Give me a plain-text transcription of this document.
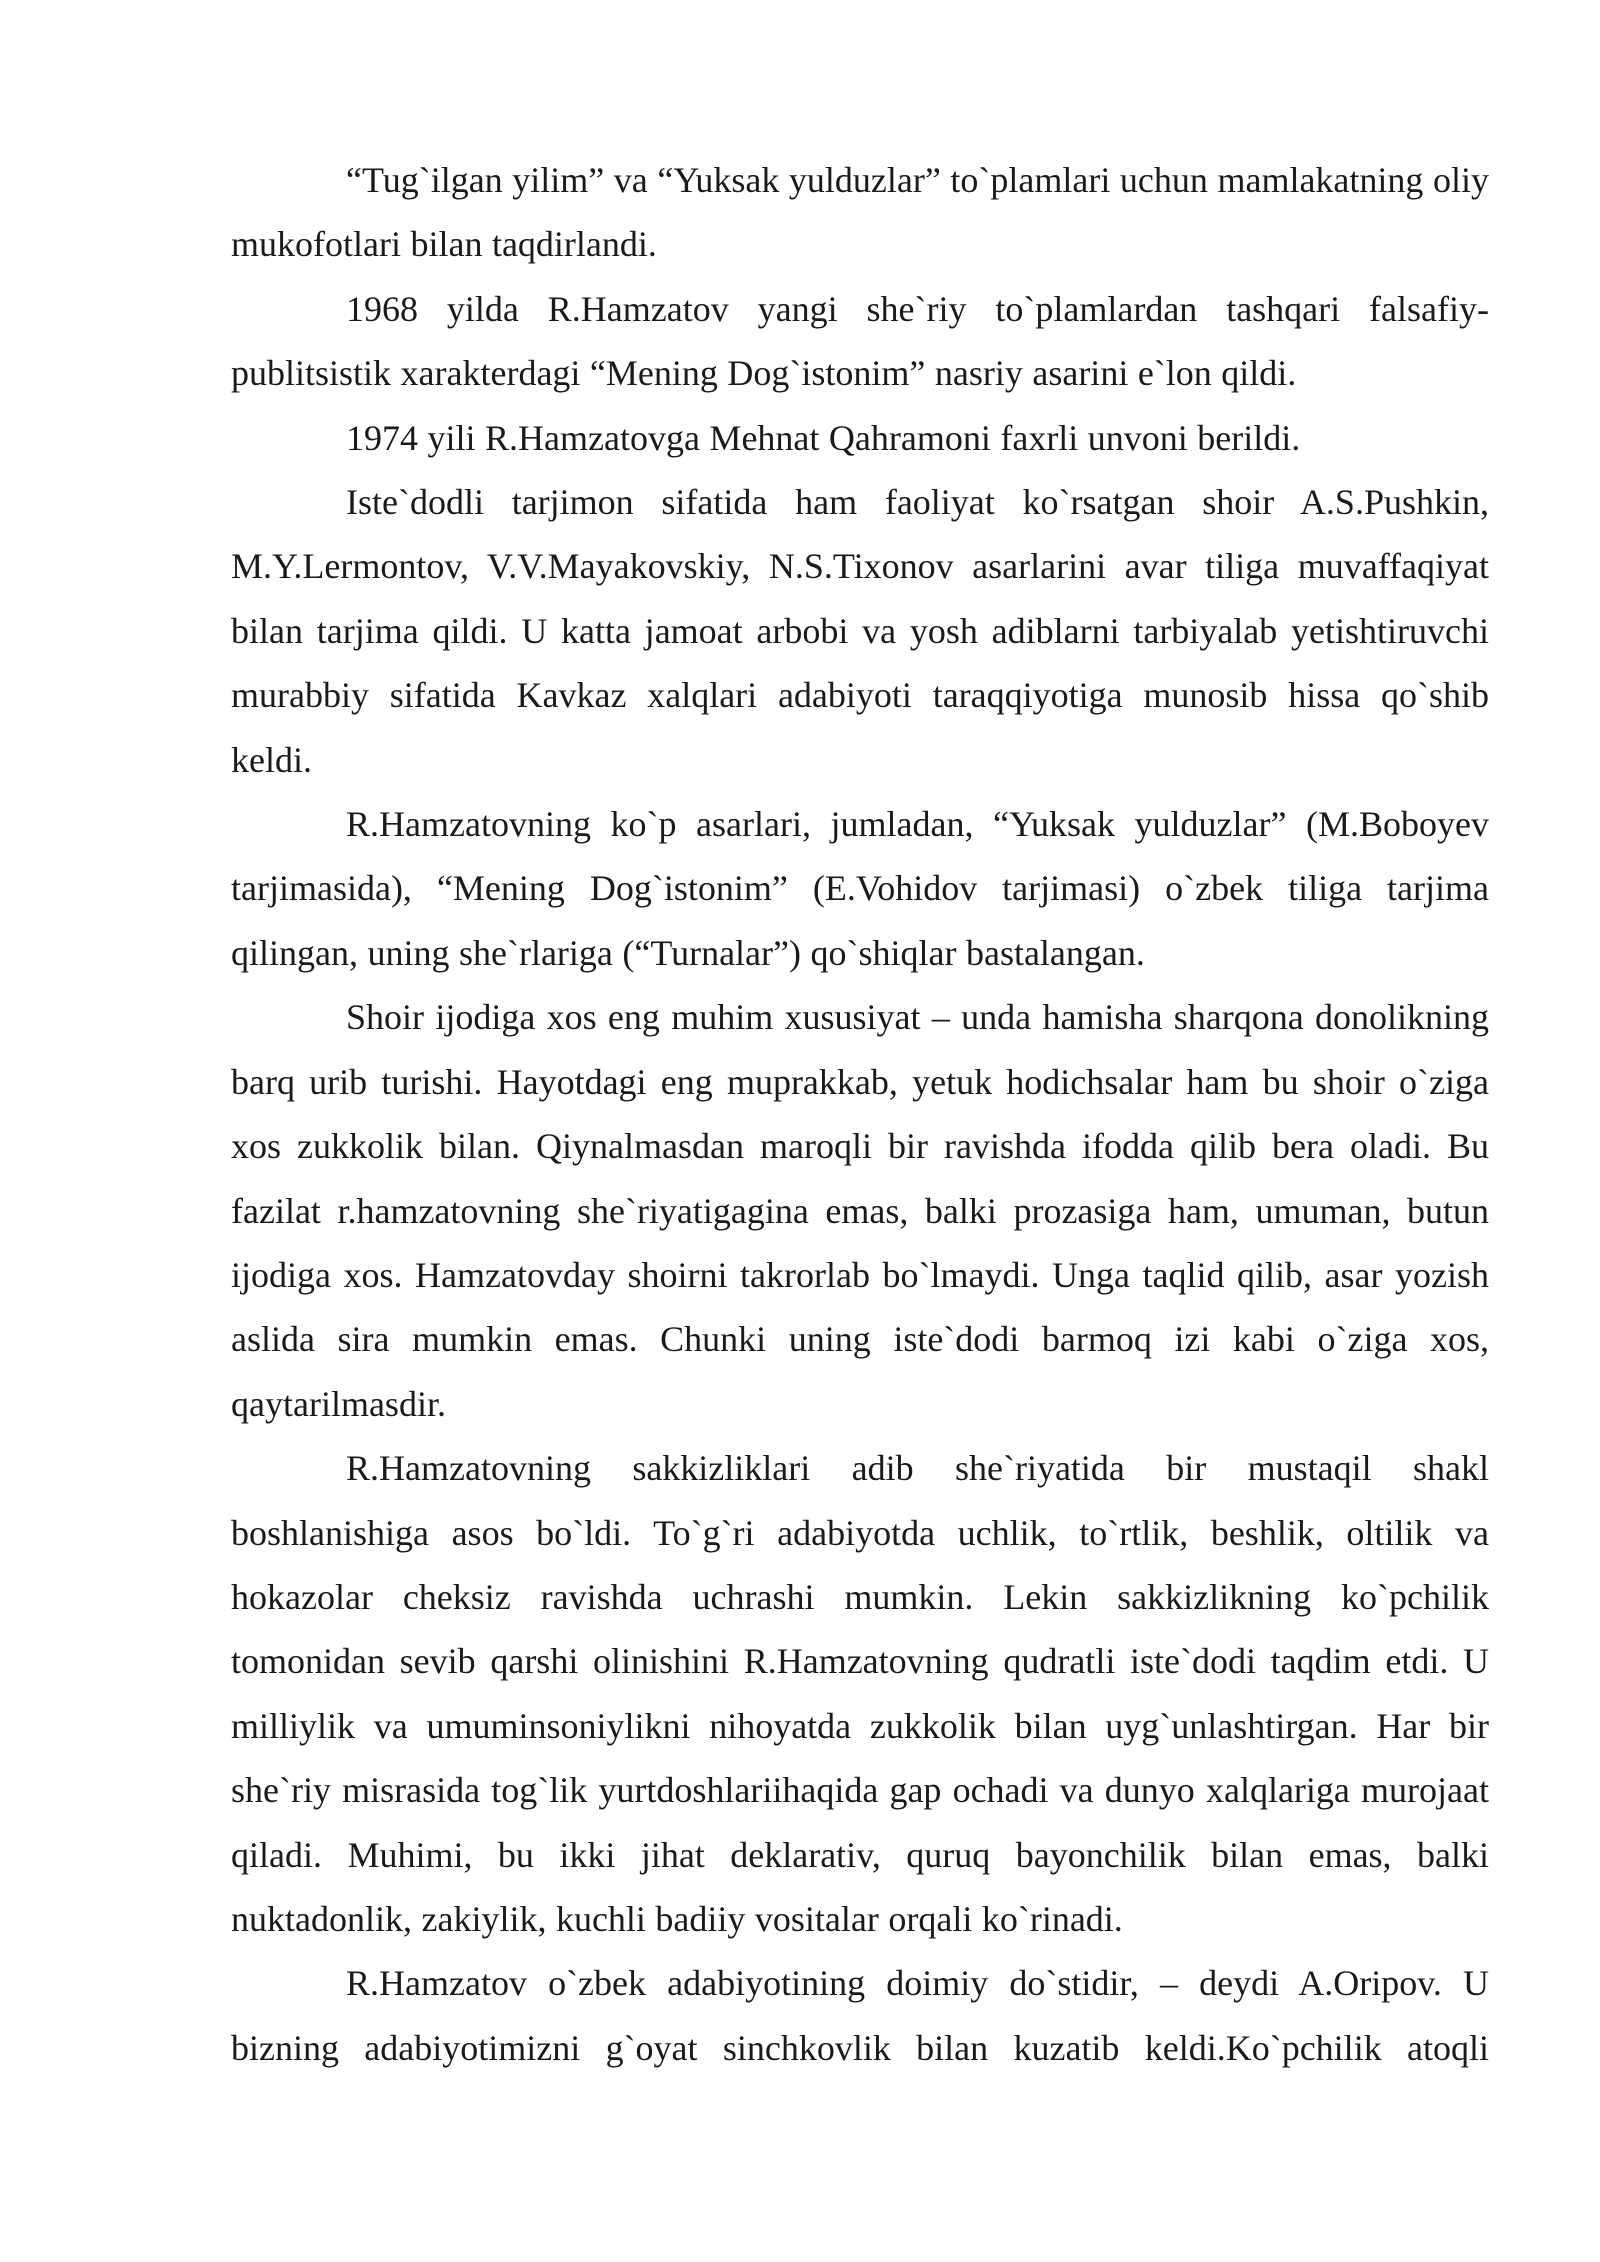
“Tug`ilgan yilim” va “Yuksak yulduzlar” to`plamlari uchun mamlakatning oliy mukofotlari bilan taqdirlandi.

1968 yilda R.Hamzatov yangi she`riy to`plamlardan tashqari falsafiy-publitsistik xarakterdagi “Mening Dog`istonim” nasriy asarini e`lon qildi.

1974 yili R.Hamzatovga Mehnat Qahramoni faxrli unvoni berildi.

Iste`dodli tarjimon sifatida ham faoliyat ko`rsatgan shoir A.S.Pushkin, M.Y.Lermontov, V.V.Mayakovskiy, N.S.Tixonov asarlarini avar tiliga muvaffaqiyat bilan tarjima qildi. U katta jamoat arbobi va yosh adiblarni tarbiyalab yetishtiruvchi murabbiy sifatida Kavkaz xalqlari adabiyoti taraqqiyotiga munosib hissa qo`shib keldi.

R.Hamzatovning ko`p asarlari, jumladan, “Yuksak yulduzlar” (M.Boboyev tarjimasida), “Mening Dog`istonim” (E.Vohidov tarjimasi) o`zbek tiliga tarjima qilingan, uning she`rlariga (“Turnalar”) qo`shiqlar bastalangan.

Shoir ijodiga xos eng muhim xususiyat – unda hamisha sharqona donolikning barq urib turishi. Hayotdagi eng muprakkab, yetuk hodichsalar ham bu shoir o`ziga xos zukkolik bilan. Qiynalmasdan maroqli bir ravishda ifodda qilib bera oladi. Bu fazilat r.hamzatovning she`riyatigagina emas, balki prozasiga ham, umuman, butun ijodiga xos. Hamzatovday shoirni takrorlab bo`lmaydi. Unga taqlid qilib, asar yozish aslida sira mumkin emas. Chunki uning iste`dodi barmoq izi kabi o`ziga xos, qaytarilmasdir.

R.Hamzatovning sakkizliklari adib she`riyatida bir mustaqil shakl boshlanishiga asos bo`ldi. To`g`ri adabiyotda uchlik, to`rtlik, beshlik, oltilik va hokazolar cheksiz ravishda uchrashi mumkin. Lekin sakkizlikning ko`pchilik tomonidan sevib qarshi olinishini R.Hamzatovning qudratli iste`dodi taqdim etdi. U milliylik va umuminsoniylikni nihoyatda zukkolik bilan uyg`unlashtirgan. Har bir she`riy misrasida tog`lik yurtdoshlariihaqida gap ochadi va dunyo xalqlariga murojaat qiladi. Muhimi, bu ikki jihat deklarativ, quruq bayonchilik bilan emas, balki nuktadonlik, zakiylik, kuchli badiiy vositalar orqali ko`rinadi.

R.Hamzatov o`zbek adabiyotining doimiy do`stidir, – deydi A.Oripov. U bizning adabiyotimizni g`oyat sinchkovlik bilan kuzatib keldi.Ko`pchilik atoqli
